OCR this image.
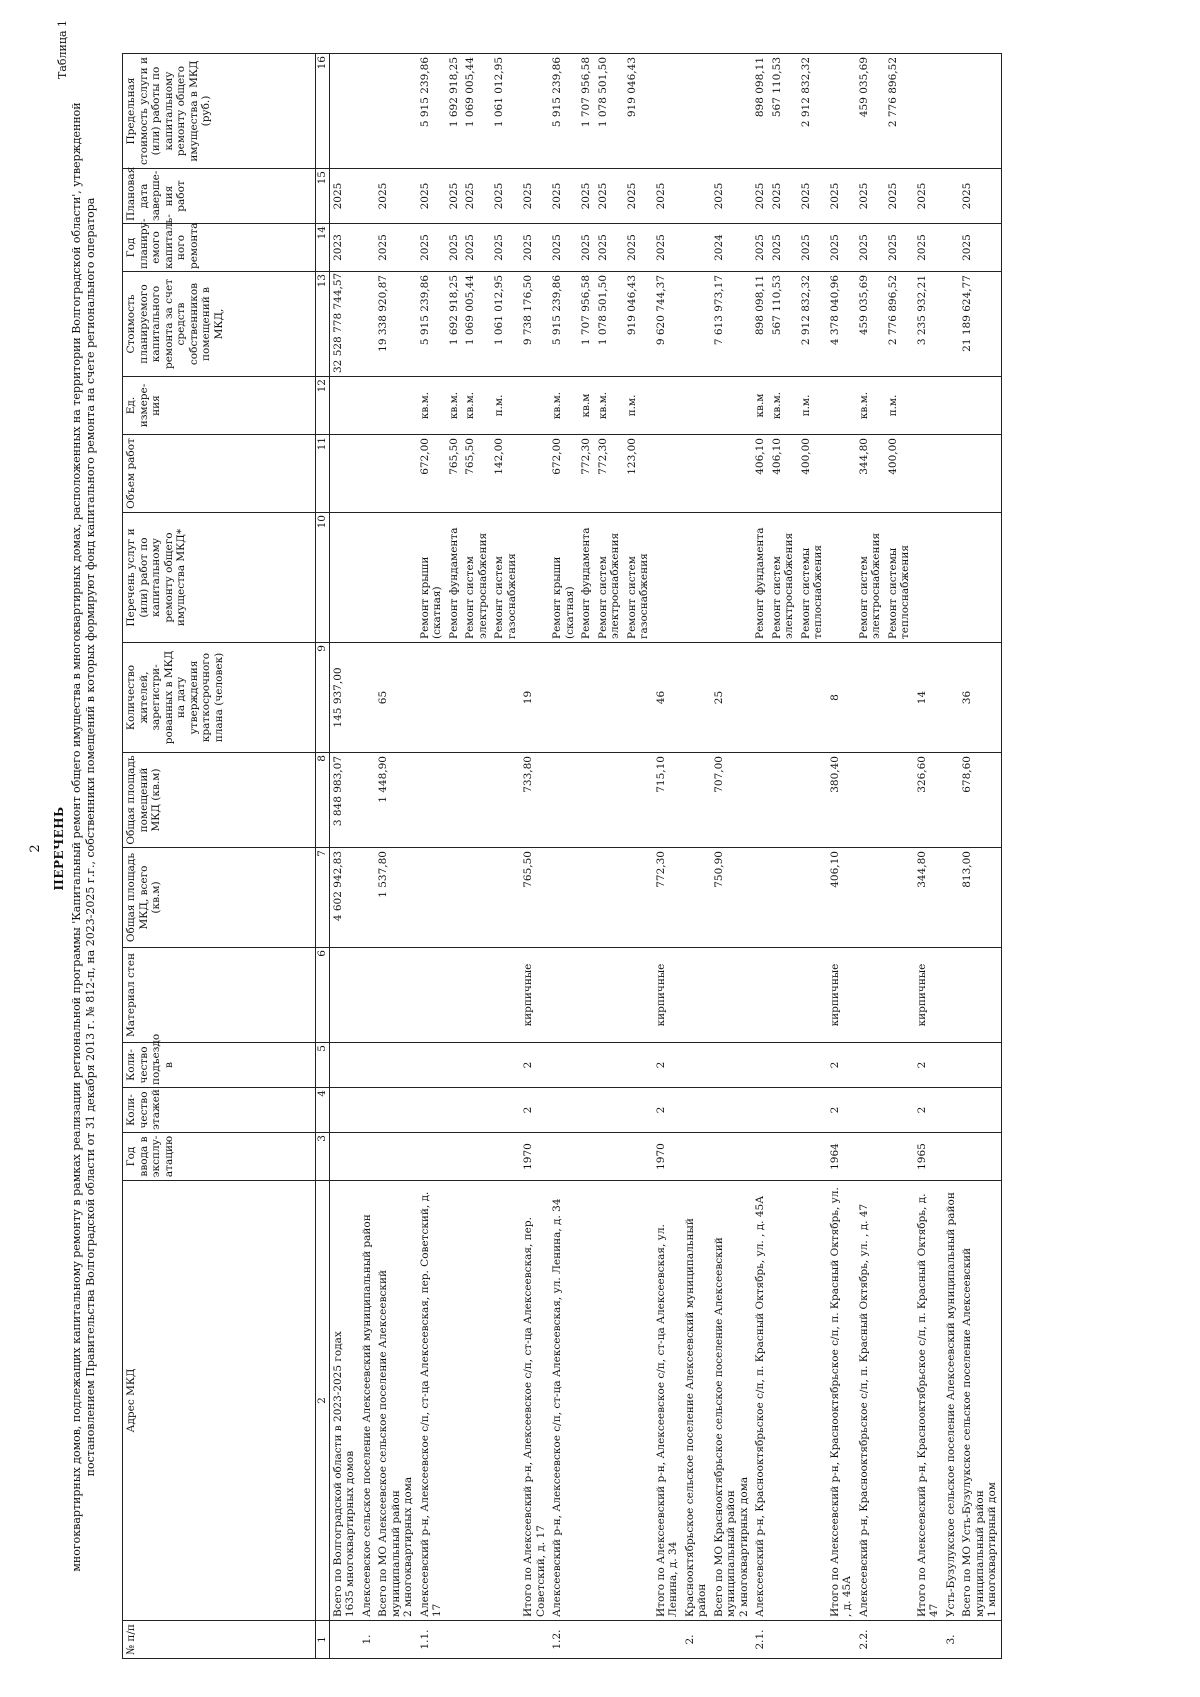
2
Таблица 1
ПЕРЕЧЕНЬ многоквартирных домов, подлежащих капитальному ремонту в рамках реализации региональной программы 'Капитальный ремонт общего имущества в многоквартирных домах, расположенных на территории Волгоградской области', утвержденной постановлением Правительства Волгоградской области от 31 декабря 2013 г. № 812-п, на 2023-2025 г.г., собственники помещений в которых формируют фонд капитального ремонта на счете регионального оператора
№ п/п	Адрес МКД	Год ввода в эксплу-атацию	Коли-чество этажей	Коли-чество подъездо в	Материал стен	Общая площадь МКД, всего (кв.м)	Общая площадь помещений МКД (кв.м)	Количество жителей, зарегистри-рованных в МКД на дату утверждения краткосрочного плана (человек)	Перечень услуг и (или) работ по капитальному ремонту общего имущества МКД*	Объем работ	Ед. измере-ния	Стоимость планируемого капитального ремонта за счет средств собственников помещений в МКД,	Год планиру-емого капиталь-ного ремонта	Плановая дата заверше-ния работ	Предельная стоимость услуги и (или) работы по капитальному ремонту общего имущества в МКД (руб.)
1	2	3	4	5	6	7	8	9	10	11	12	13	14	15	16
	Всего по Волгоградской области в 2023-2025 годах
1635 многоквартирных домов					4 602 942,83	3 848 983,07	145 937,00				32 528 778 744,57	2023	2025	
1.	Алексеевское сельское поселение Алексеевский муниципальный район														
	Всего по МО Алексеевское сельское поселение Алексеевский муниципальный район
2 многоквартирных дома					1 537,80	1 448,90	65				19 338 920,87	2025	2025	
1.1.	Алексеевский р-н, Алексеевское с/п, ст-ца Алексеевская, пер. Советский, д. 17								Ремонт крыши (скатная)	672,00	кв.м.	5 915 239,86	2025	2025	5 915 239,86
									Ремонт фундамента	765,50	кв.м.	1 692 918,25	2025	2025	1 692 918,25
									Ремонт систем электроснабжения	765,50	кв.м.	1 069 005,44	2025	2025	1 069 005,44
									Ремонт систем газоснабжения	142,00	п.м.	1 061 012,95	2025	2025	1 061 012,95
	Итого по Алексеевский р-н, Алексеевское с/п, ст-ца Алексеевская, пер. Советский, д. 17	1970	2	2	кирпичные	765,50	733,80	19				9 738 176,50	2025	2025	
1.2.	Алексеевский р-н, Алексеевское с/п, ст-ца Алексеевская, ул. Ленина, д. 34								Ремонт крыши (скатная)	672,00	кв.м.	5 915 239,86	2025	2025	5 915 239,86
									Ремонт фундамента	772,30	кв.м	1 707 956,58	2025	2025	1 707 956,58
									Ремонт систем электроснабжения	772,30	кв.м.	1 078 501,50	2025	2025	1 078 501,50
									Ремонт систем газоснабжения	123,00	п.м.	919 046,43	2025	2025	919 046,43
	Итого по Алексеевский р-н, Алексеевское с/п, ст-ца Алексеевская, ул. Ленина, д. 34	1970	2	2	кирпичные	772,30	715,10	46				9 620 744,37	2025	2025	
2.	Краснооктябрьское сельское поселение Алексеевский муниципальный район														
	Всего по МО Краснооктябрьское сельское поселение Алексеевский муниципальный район
2 многоквартирных дома					750,90	707,00	25				7 613 973,17	2024	2025	
2.1.	Алексеевский р-н, Краснооктябрьское с/п, п. Красный Октябрь, ул. , д. 45А								Ремонт фундамента	406,10	кв.м	898 098,11	2025	2025	898 098,11
									Ремонт систем электроснабжения	406,10	кв.м.	567 110,53	2025	2025	567 110,53
									Ремонт системы теплоснабжения	400,00	п.м.	2 912 832,32	2025	2025	2 912 832,32
	Итого по Алексеевский р-н, Краснооктябрьское с/п, п. Красный Октябрь, ул. , д. 45А	1964	2	2	кирпичные	406,10	380,40	8				4 378 040,96	2025	2025	
2.2.	Алексеевский р-н, Краснооктябрьское с/п, п. Красный Октябрь, ул. , д. 47								Ремонт систем электроснабжения	344,80	кв.м.	459 035,69	2025	2025	459 035,69
									Ремонт системы теплоснабжения	400,00	п.м.	2 776 896,52	2025	2025	2 776 896,52
	Итого по Алексеевский р-н, Краснооктябрьское с/п, п. Красный Октябрь, д. 47	1965	2	2	кирпичные	344,80	326,60	14				3 235 932,21	2025	2025	
3.	Усть-Бузулукское сельское поселение Алексеевский муниципальный район														
	Всего по МО Усть-Бузулукское сельское поселение Алексеевский муниципальный район
1 многоквартирный дом					813,00	678,60	36				21 189 624,77	2025	2025	
